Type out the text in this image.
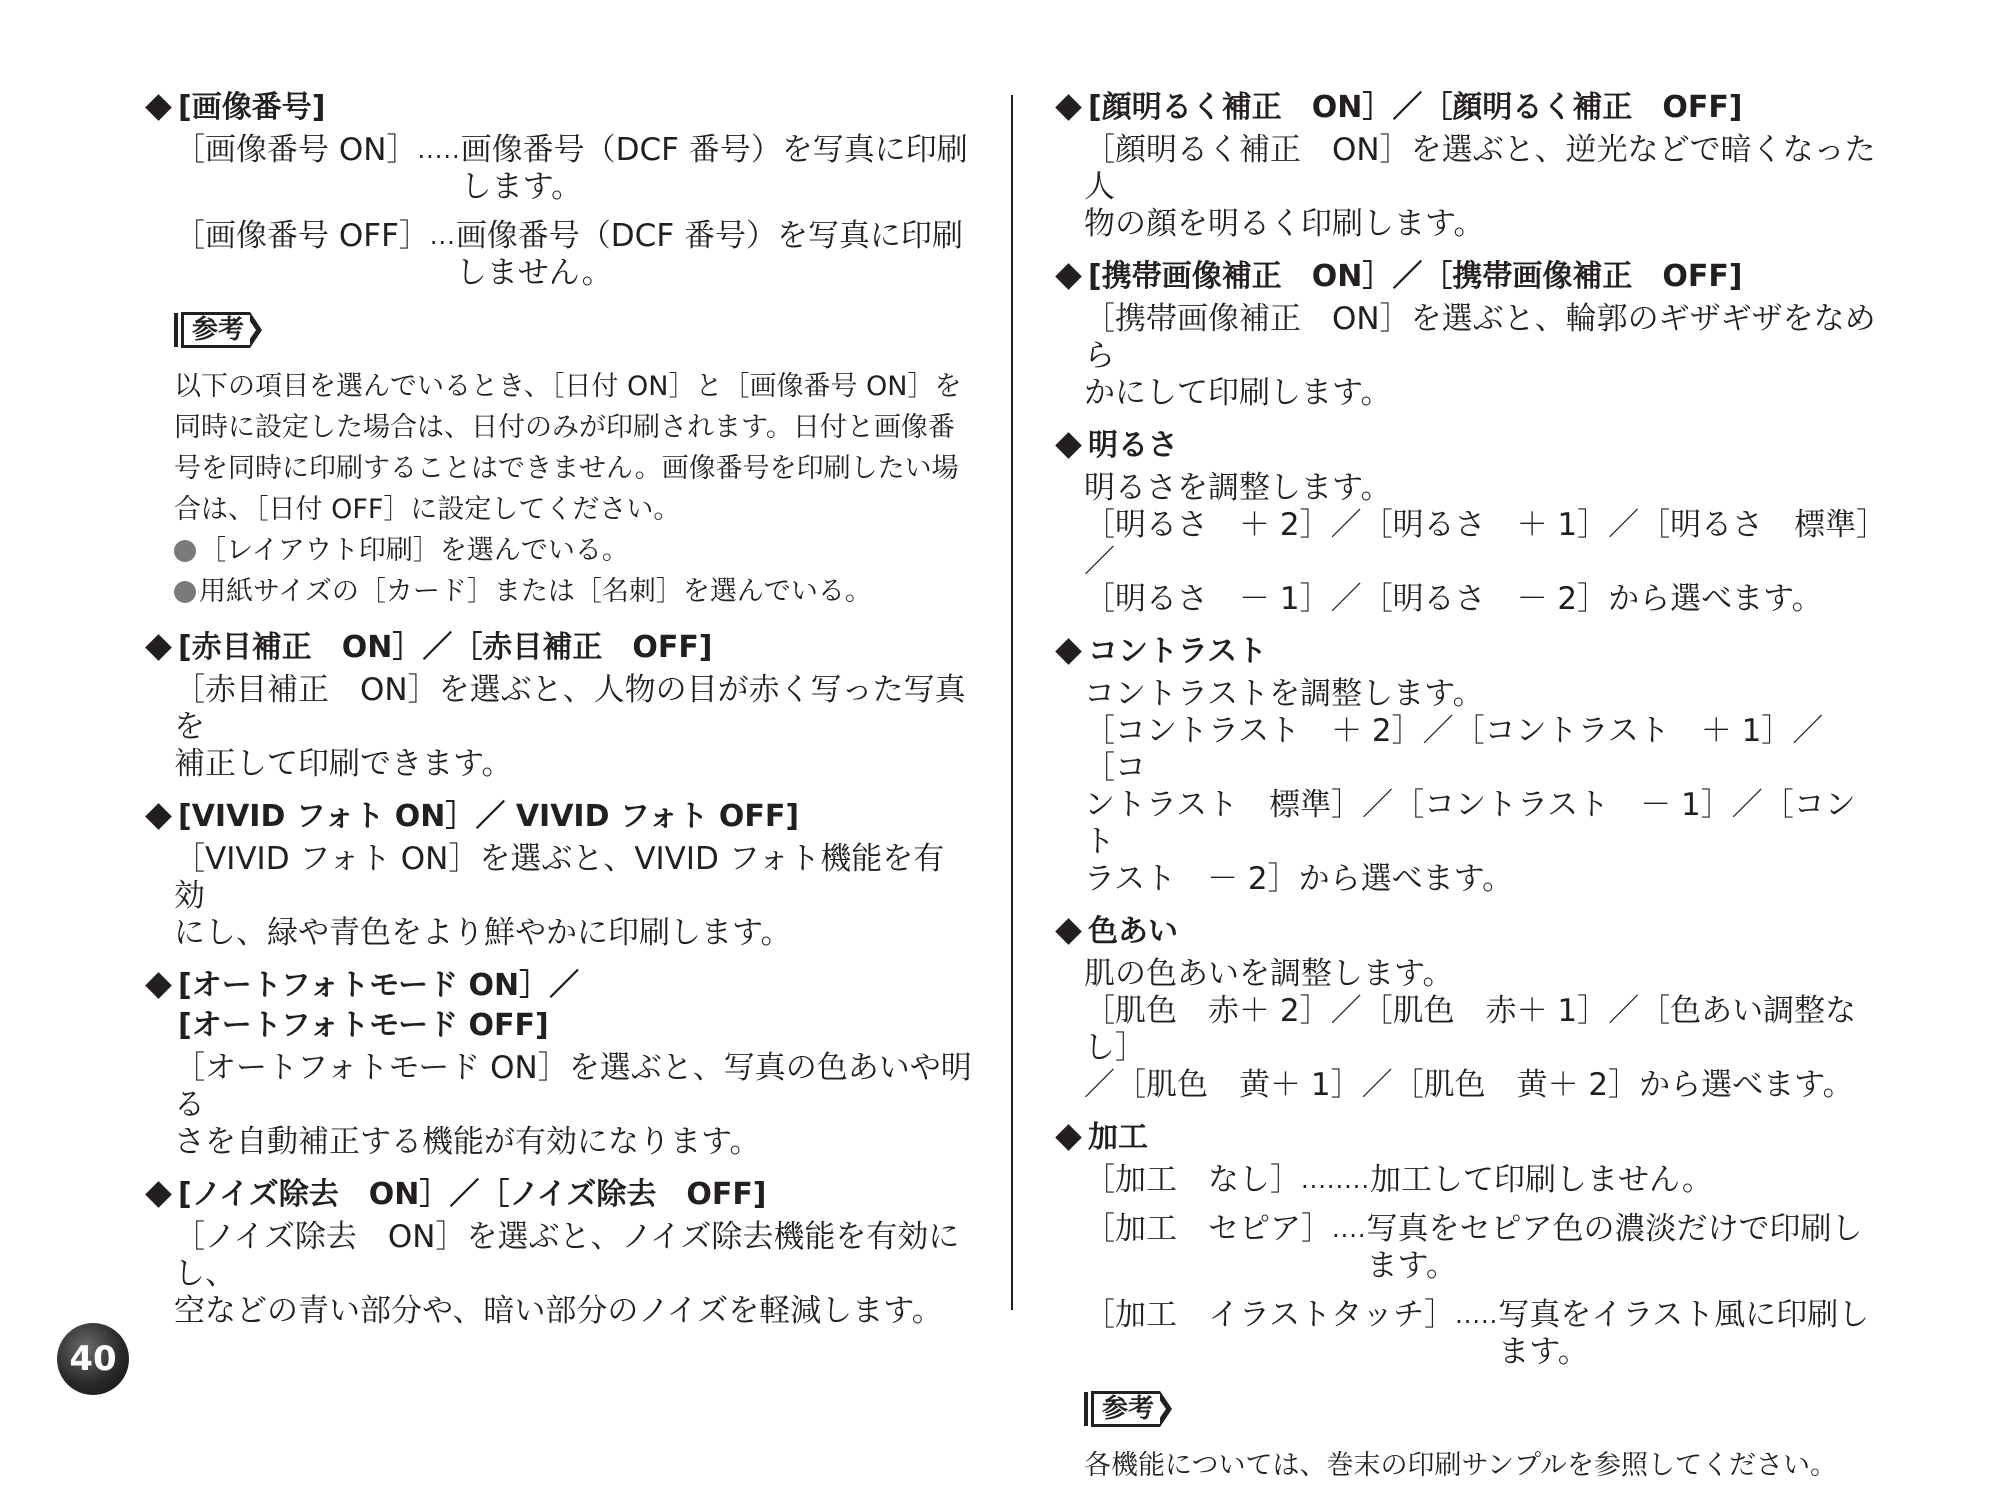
[画像番号]
［画像番号 ON］ ..... 画像番号（DCF 番号）を写真に印刷します。
［画像番号 OFF］ ... 画像番号（DCF 番号）を写真に印刷しません。
参考

以下の項目を選んでいるとき、［日付 ON］と［画像番号 ON］を

同時に設定した場合は、日付のみが印刷されます。日付と画像番

号を同時に印刷することはできません。画像番号を印刷したい場

合は、［日付 OFF］に設定してください。

［レイアウト印刷］を選んでいる。
用紙サイズの［カード］または［名刺］を選んでいる。
[赤目補正　ON］／［赤目補正　OFF]
［赤目補正　ON］を選ぶと、人物の目が赤く写った写真を
補正して印刷できます。
[VIVID フォト ON］／ VIVID フォト OFF]
［VIVID フォト ON］を選ぶと、VIVID フォト機能を有効
にし、緑や青色をより鮮やかに印刷します。
[オートフォトモード ON］／
[オートフォトモード OFF]
［オートフォトモード ON］を選ぶと、写真の色あいや明る
さを自動補正する機能が有効になります。
[ノイズ除去　ON］／［ノイズ除去　OFF]
［ノイズ除去　ON］を選ぶと、ノイズ除去機能を有効にし、
空などの青い部分や、暗い部分のノイズを軽減します。
[顔明るく補正　ON］／［顔明るく補正　OFF]
［顔明るく補正　ON］を選ぶと、逆光などで暗くなった人
物の顔を明るく印刷します。
[携帯画像補正　ON］／［携帯画像補正　OFF]
［携帯画像補正　ON］を選ぶと、輪郭のギザギザをなめら
かにして印刷します。
明るさ
明るさを調整します。
［明るさ　＋ 2］／［明るさ　＋ 1］／［明るさ　標準］／
［明るさ　－ 1］／［明るさ　－ 2］から選べます。
コントラスト
コントラストを調整します。
［コントラスト　＋ 2］／［コントラスト　＋ 1］／［コ
ントラスト　標準］／［コントラスト　－ 1］／［コント
ラスト　－ 2］から選べます。
色あい
肌の色あいを調整します。
［肌色　赤＋ 2］／［肌色　赤＋ 1］／［色あい調整なし］
／［肌色　黄＋ 1］／［肌色　黄＋ 2］から選べます。
加工
［加工　なし］ ........ 加工して印刷しません。
［加工　セピア］ .... 写真をセピア色の濃淡だけで印刷します。
［加工　イラストタッチ］ ..... 写真をイラスト風に印刷します。
参考
各機能については、巻末の印刷サンプルを参照してください。
40
